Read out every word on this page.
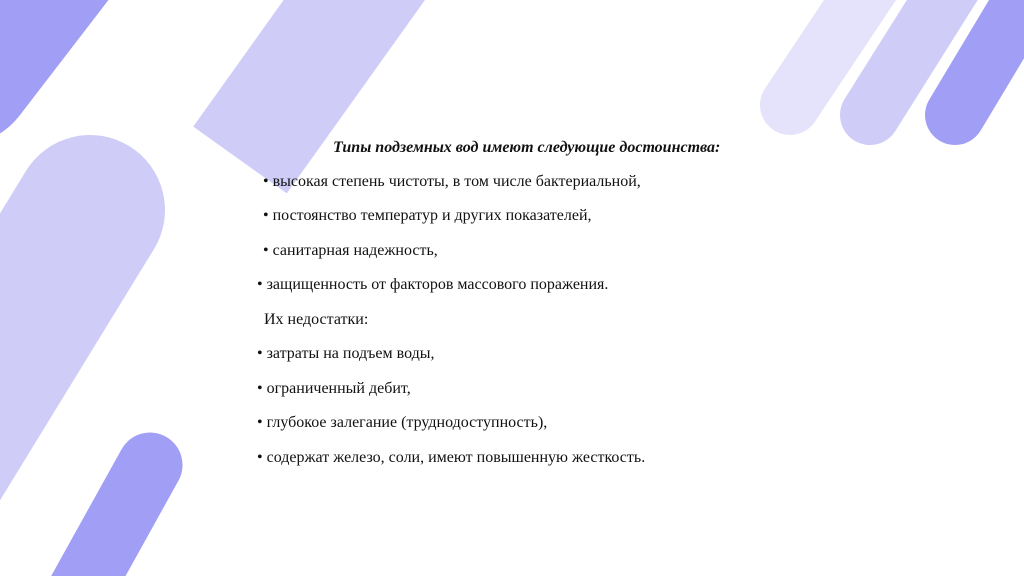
Типы подземных вод имеют следующие достоинства:
• высокая степень чистоты, в том числе бактериальной,
• постоянство температур и других показателей,
• санитарная надежность,
• защищенность от факторов массового поражения.
Их недостатки:
• затраты на подъем воды,
• ограниченный дебит,
• глубокое залегание (труднодоступность),
• содержат железо, соли, имеют повышенную жесткость.
